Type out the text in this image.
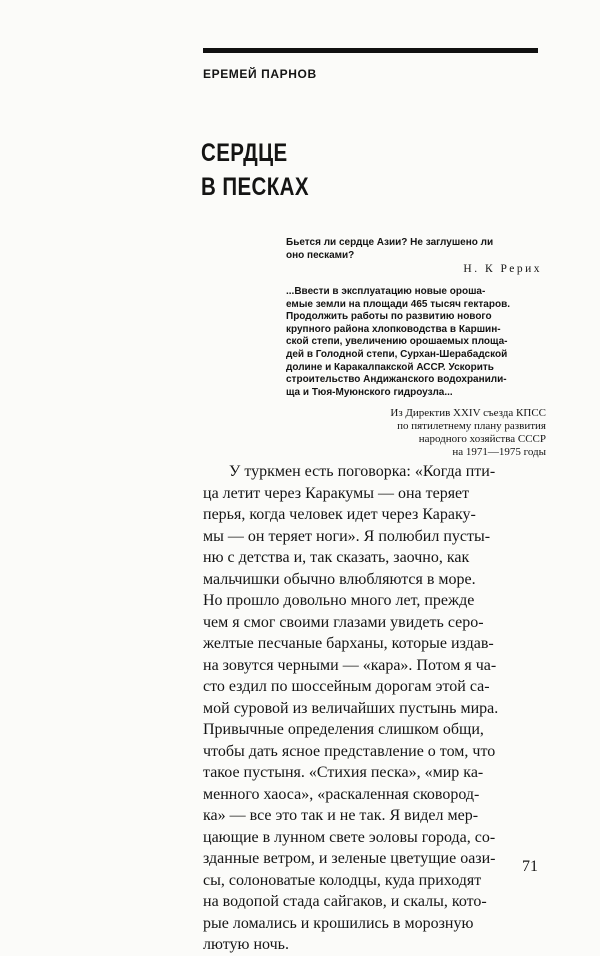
ЕРЕМЕЙ ПАРНОВ

СЕРДЦЕ
В ПЕСКАХ

Бьется ли сердце Азии? Не заглушено ли
оно песками?

Н. К Рерих

...Ввести в эксплуатацию новые ороша-
емые земли на площади 465 тысяч гектаров.
Продолжить работы по развитию нового
крупного района хлопководства в Каршин-
ской степи, увеличению орошаемых площа-
дей в Голодной степи, Сурхан-Шерабадской
долине и Каракалпакской АССР. Ускорить
строительство Андижанского водохранили-
ща и Тюя-Муюнского гидроузла...

Из Директив XXIV съезда КПСС
по пятилетнему плану развития
народного хозяйства СССР
на 1971—1975 годы

У туркмен есть поговорка: «Когда пти-
ца летит через Каракумы — она теряет
перья, когда человек идет через Караку-
мы — он теряет ноги». Я полюбил пусты-
ню с детства и, так сказать, заочно, как
мальчишки обычно влюбляются в море.
Но прошло довольно много лет, прежде
чем я смог своими глазами увидеть серо-
желтые песчаные барханы, которые издав-
на зовутся черными — «кара». Потом я ча-
сто ездил по шоссейным дорогам этой са-
мой суровой из величайших пустынь мира.
Привычные определения слишком общи,
чтобы дать ясное представление о том, что
такое пустыня. «Стихия песка», «мир ка-
менного хаоса», «раскаленная сковород-
ка» — все это так и не так. Я видел мер-
цающие в лунном свете эоловы города, со-
зданные ветром, и зеленые цветущие оази-
сы, солоноватые колодцы, куда приходят
на водопой стада сайгаков, и скалы, кото-
рые ломались и крошились в морозную
лютую ночь.

71
